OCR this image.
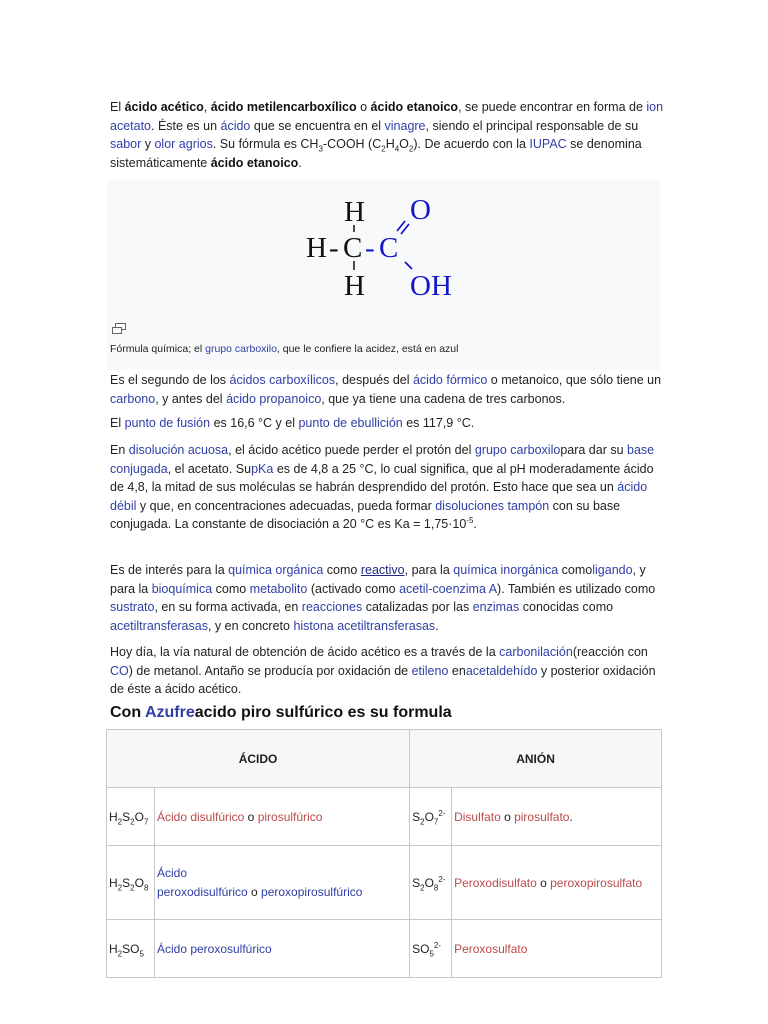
El ácido acético, ácido metilencarboxílico o ácido etanoico, se puede encontrar en forma de ion acetato. Éste es un ácido que se encuentra en el vinagre, siendo el principal responsable de su sabor y olor agrios. Su fórmula es $CH_3$-COOH $(C_2H_4O_2)$. De acuerdo con la IUPAC se denomina sistemáticamente ácido etanoico.

H
H - C - C
H
O
OH
Fórmula química; el grupo carboxilo, que le confiere la acidez, está en azul

Es el segundo de los ácidos carboxílicos, después del ácido fórmico o metanoico, que sólo tiene un carbono, y antes del ácido propanoico, que ya tiene una cadena de tres carbonos.

El punto de fusión es 16,6 °C y el punto de ebullición es 117,9 °C.

En disolución acuosa, el ácido acético puede perder el protón del grupo carboxilopara dar su base conjugada, el acetato. SupKa es de 4,8 a 25 °C, lo cual significa, que al pH moderadamente ácido de 4,8, la mitad de sus moléculas se habrán desprendido del protón. Esto hace que sea un ácido débil y que, en concentraciones adecuadas, pueda formar disoluciones tampón con su base conjugada. La constante de disociación a 20 °C es $Ka = 1,75\cdot 10^{-5}$.

Es de interés para la química orgánica como reactivo, para la química inorgánica comoligando, y para la bioquímica como metabolito (activado como acetil-coenzima A). También es utilizado como sustrato, en su forma activada, en reacciones catalizadas por las enzimas conocidas como acetiltransferasas, y en concreto histona acetiltransferasas.

Hoy día, la vía natural de obtención de ácido acético es a través de la carbonilación(reacción con CO) de metanol. Antaño se producía por oxidación de etileno enacetaldehído y posterior oxidación de éste a ácido acético.

Con Azufreacido piro sulfúrico es su formula
ÁCIDO		ANIÓN	
$H_2S_2O_7$	Ácido disulfúrico o pirosulfúrico	$S_2O_7^{2-}$	Disulfato o pirosulfato.
$H_2S_2O_8$	Ácido
peroxodisulfúrico o peroxopirosulfúrico	$S_2O_8^{2-}$	Peroxodisulfato o peroxopirosulfato
$H_2SO_5$	Ácido peroxosulfúrico	$SO_5^{2-}$	Peroxosulfato
